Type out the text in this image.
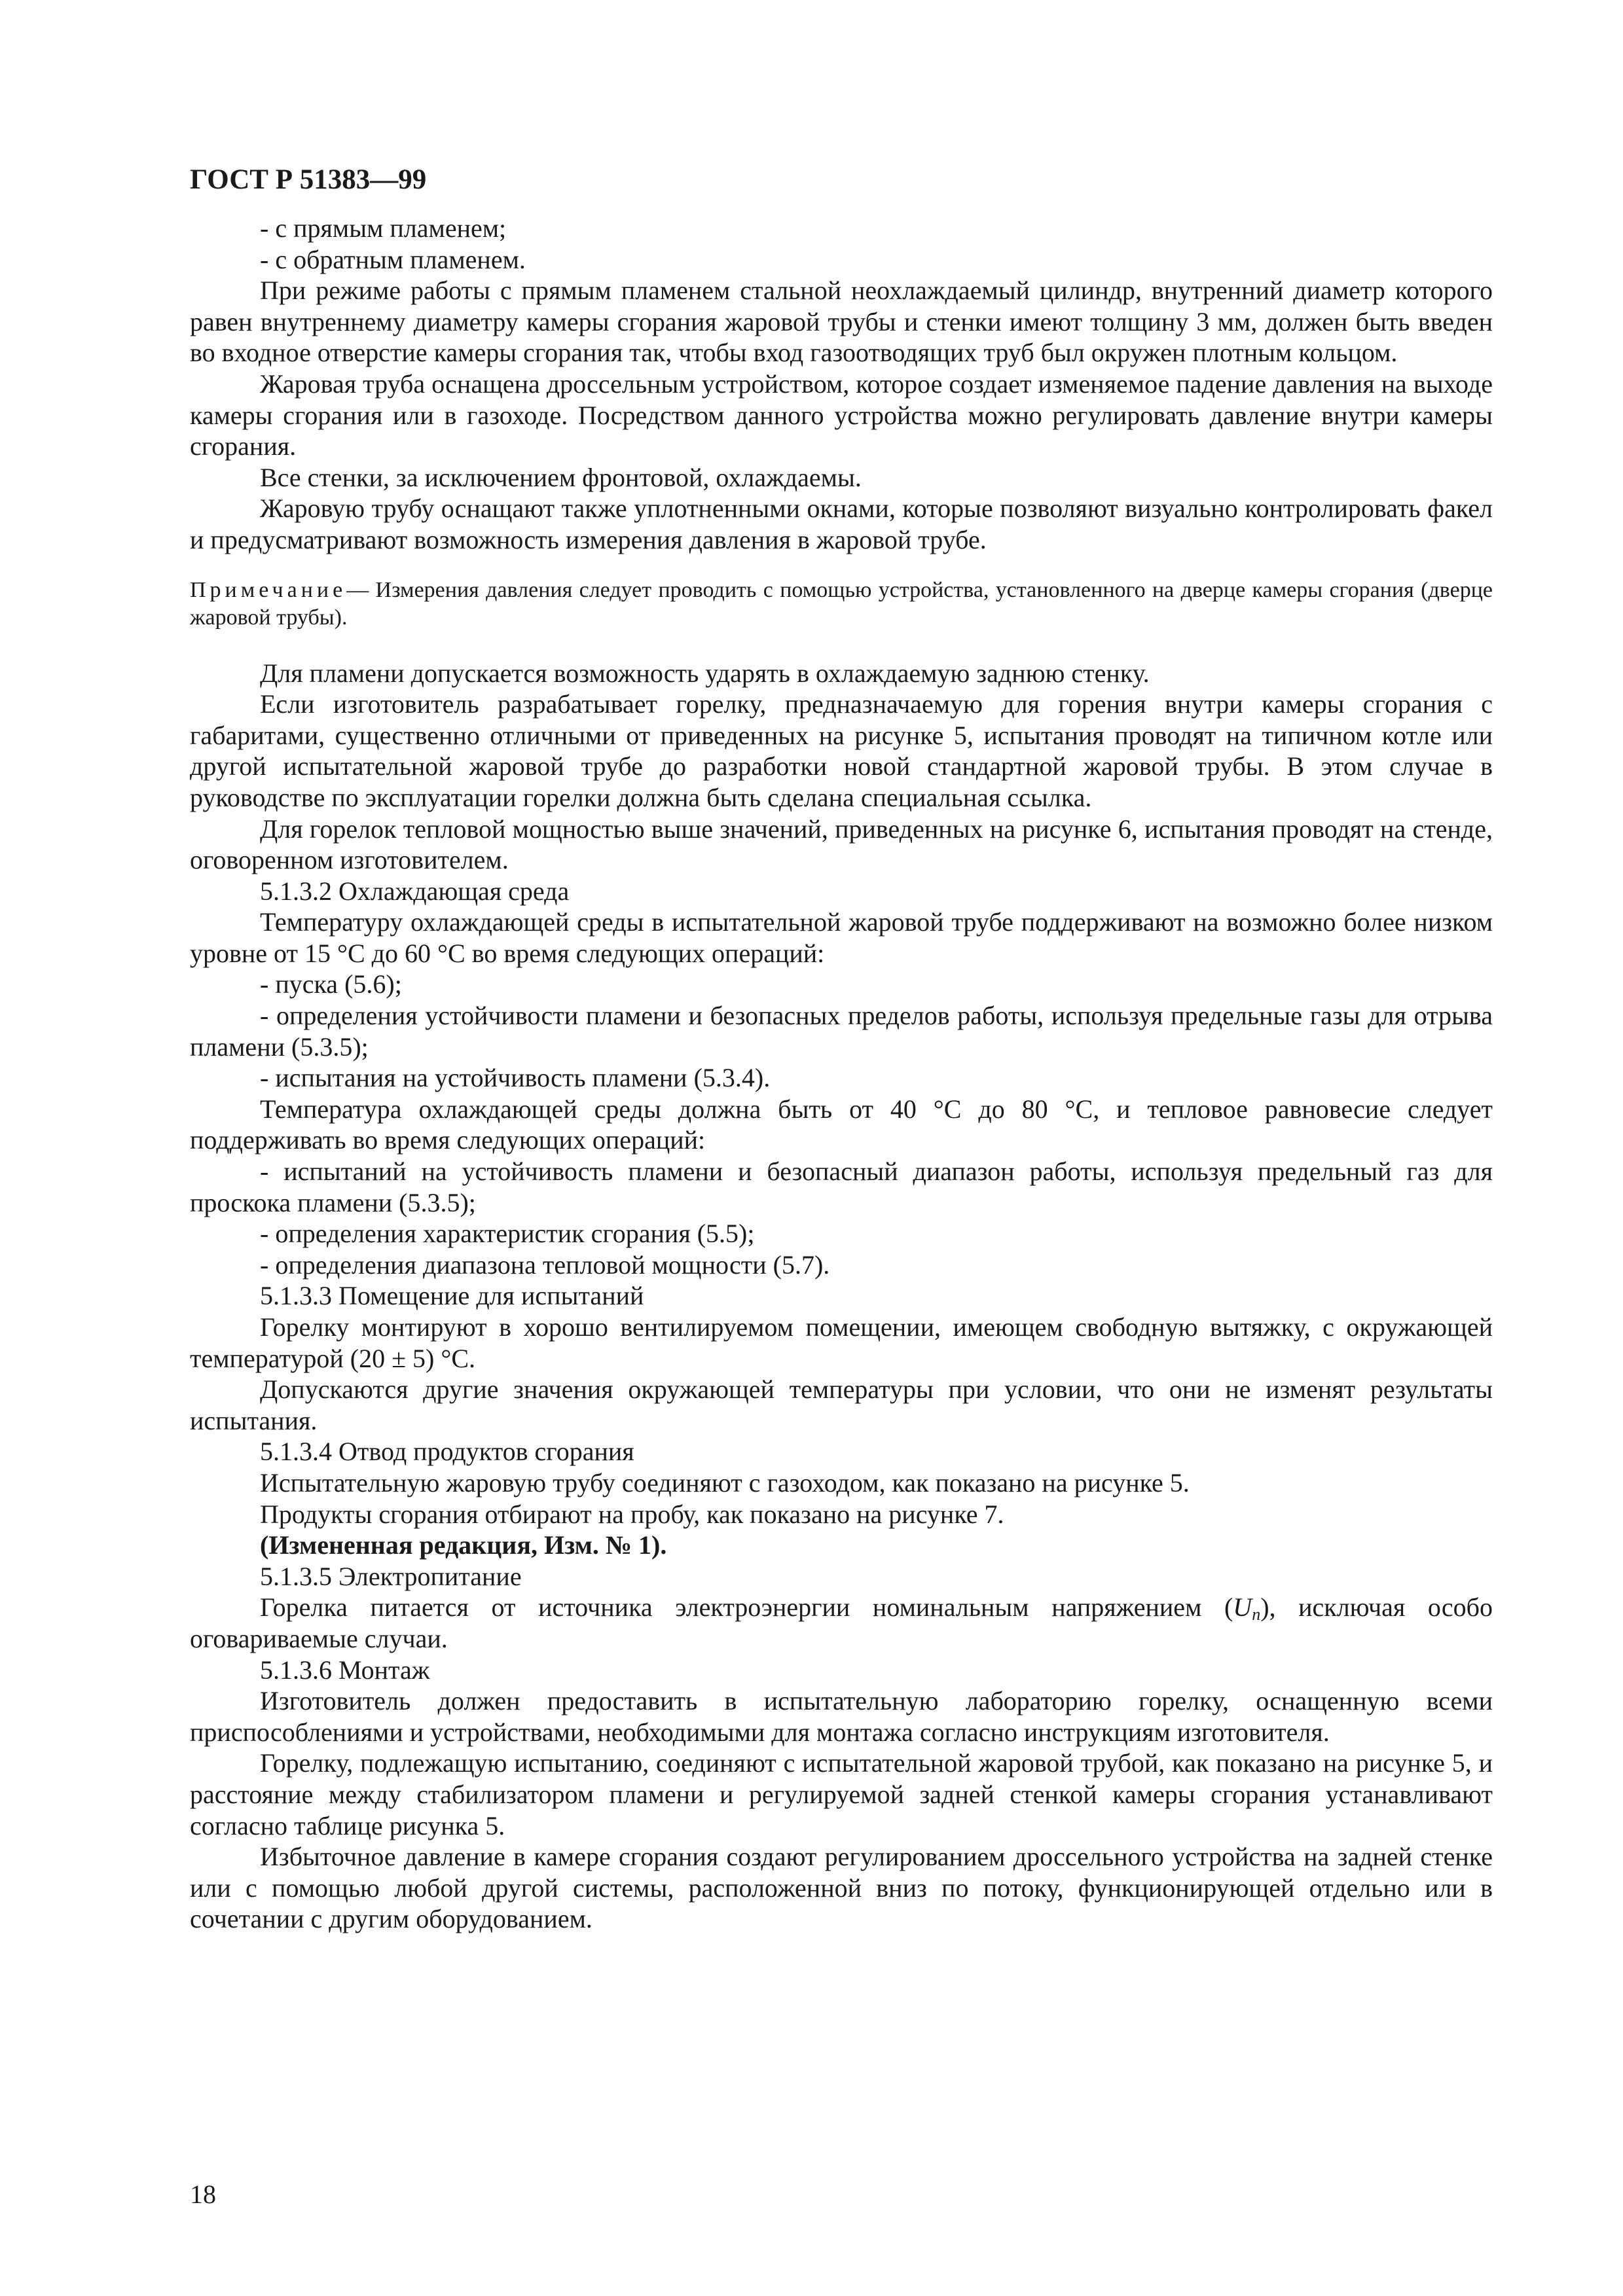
ГОСТ Р 51383—99

- с прямым пламенем;

- с обратным пламенем.

При режиме работы с прямым пламенем стальной неохлаждаемый цилиндр, внутренний диаметр которого равен внутреннему диаметру камеры сгорания жаровой трубы и стенки имеют толщину 3 мм, должен быть введен во входное отверстие камеры сгорания так, чтобы вход газоотводящих труб был окружен плотным кольцом.

Жаровая труба оснащена дроссельным устройством, которое создает изменяемое падение давления на выходе камеры сгорания или в газоходе. Посредством данного устройства можно регулировать давление внутри камеры сгорания.

Все стенки, за исключением фронтовой, охлаждаемы.

Жаровую трубу оснащают также уплотненными окнами, которые позволяют визуально контролировать факел и предусматривают возможность измерения давления в жаровой трубе.

Примечание— Измерения давления следует проводить с помощью устройства, установленного на дверце камеры сгорания (дверце жаровой трубы).

Для пламени допускается возможность ударять в охлаждаемую заднюю стенку.

Если изготовитель разрабатывает горелку, предназначаемую для горения внутри камеры сгорания с габаритами, существенно отличными от приведенных на рисунке 5, испытания проводят на типичном котле или другой испытательной жаровой трубе до разработки новой стандартной жаровой трубы. В этом случае в руководстве по эксплуатации горелки должна быть сделана специальная ссылка.

Для горелок тепловой мощностью выше значений, приведенных на рисунке 6, испытания проводят на стенде, оговоренном изготовителем.

5.1.3.2 Охлаждающая среда

Температуру охлаждающей среды в испытательной жаровой трубе поддерживают на возможно более низком уровне от 15 °С до 60 °С во время следующих операций:

- пуска (5.6);

- определения устойчивости пламени и безопасных пределов работы, используя предельные газы для отрыва пламени (5.3.5);

- испытания на устойчивость пламени (5.3.4).

Температура охлаждающей среды должна быть от 40 °С до 80 °С, и тепловое равновесие следует поддерживать во время следующих операций:

- испытаний на устойчивость пламени и безопасный диапазон работы, используя предельный газ для проскока пламени (5.3.5);

- определения характеристик сгорания (5.5);

- определения диапазона тепловой мощности (5.7).

5.1.3.3 Помещение для испытаний

Горелку монтируют в хорошо вентилируемом помещении, имеющем свободную вытяжку, с окружающей температурой (20 ± 5) °С.

Допускаются другие значения окружающей температуры при условии, что они не изменят результаты испытания.

5.1.3.4 Отвод продуктов сгорания

Испытательную жаровую трубу соединяют с газоходом, как показано на рисунке 5.

Продукты сгорания отбирают на пробу, как показано на рисунке 7.

(Измененная редакция, Изм. № 1).

5.1.3.5 Электропитание

Горелка питается от источника электроэнергии номинальным напряжением $(U_n)$, исключая особо оговариваемые случаи.

5.1.3.6 Монтаж

Изготовитель должен предоставить в испытательную лабораторию горелку, оснащенную всеми приспособлениями и устройствами, необходимыми для монтажа согласно инструкциям изготовителя.

Горелку, подлежащую испытанию, соединяют с испытательной жаровой трубой, как показано на рисунке 5, и расстояние между стабилизатором пламени и регулируемой задней стенкой камеры сгорания устанавливают согласно таблице рисунка 5.

Избыточное давление в камере сгорания создают регулированием дроссельного устройства на задней стенке или с помощью любой другой системы, расположенной вниз по потоку, функционирующей отдельно или в сочетании с другим оборудованием.

18
